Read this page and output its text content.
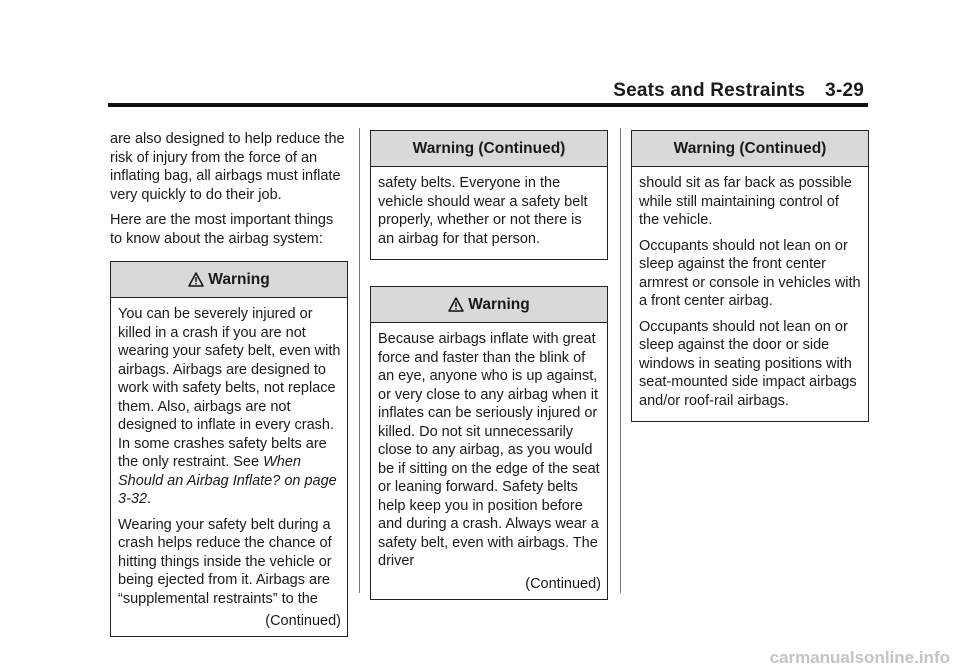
Seats and Restraints 3-29

are also designed to help reduce the risk of injury from the force of an inflating bag, all airbags must inflate very quickly to do their job.

Here are the most important things to know about the airbag system:

Warning

You can be severely injured or killed in a crash if you are not wearing your safety belt, even with airbags. Airbags are designed to work with safety belts, not replace them. Also, airbags are not designed to inflate in every crash. In some crashes safety belts are the only restraint. See When Should an Airbag Inflate? on page 3-32.

Wearing your safety belt during a crash helps reduce the chance of hitting things inside the vehicle or being ejected from it. Airbags are “supplemental restraints” to the

(Continued)
Warning (Continued)

safety belts. Everyone in the vehicle should wear a safety belt properly, whether or not there is an airbag for that person.

Warning

Because airbags inflate with great force and faster than the blink of an eye, anyone who is up against, or very close to any airbag when it inflates can be seriously injured or killed. Do not sit unnecessarily close to any airbag, as you would be if sitting on the edge of the seat or leaning forward. Safety belts help keep you in position before and during a crash. Always wear a safety belt, even with airbags. The driver

(Continued)
Warning (Continued)

should sit as far back as possible while still maintaining control of the vehicle.

Occupants should not lean on or sleep against the front center armrest or console in vehicles with a front center airbag.

Occupants should not lean on or sleep against the door or side windows in seating positions with seat-mounted side impact airbags and/or roof-rail airbags.

carmanualsonline.info
